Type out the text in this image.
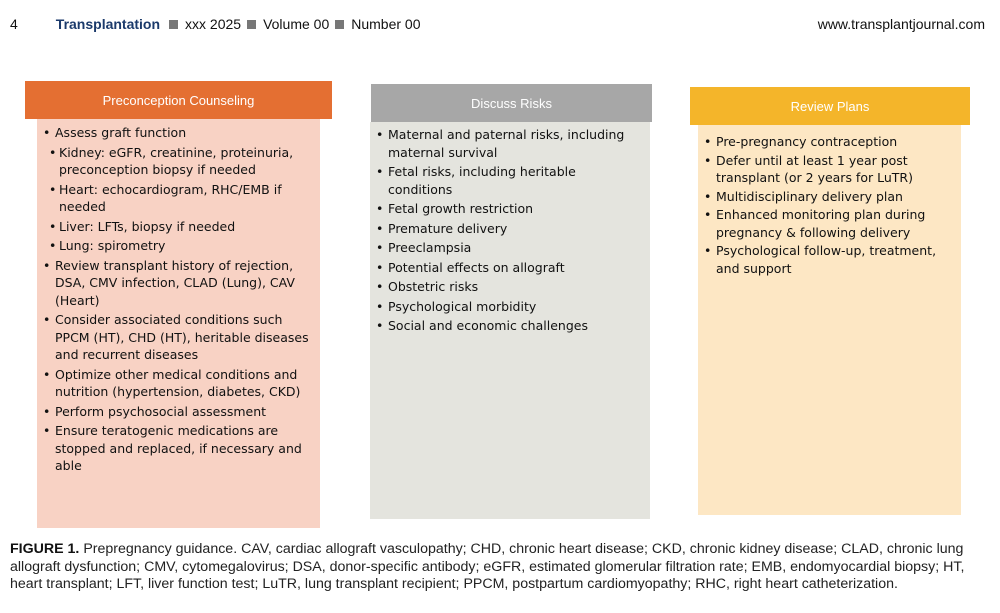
4	Transplantation xxx 2025 Volume 00 Number 00	www.transplantjournal.com
Preconception Counseling
• Assess graft function
• Kidney: eGFR, creatinine, proteinuria, preconception biopsy if needed
• Heart: echocardiogram, RHC/EMB if needed
• Liver: LFTs, biopsy if needed
• Lung: spirometry
• Review transplant history of rejection, DSA, CMV infection, CLAD (Lung), CAV (Heart)
• Consider associated conditions such PPCM (HT), CHD (HT), heritable diseases and recurrent diseases
• Optimize other medical conditions and nutrition (hypertension, diabetes, CKD)
• Perform psychosocial assessment
• Ensure teratogenic medications are stopped and replaced, if necessary and able
Discuss Risks
• Maternal and paternal risks, including maternal survival
• Fetal risks, including heritable conditions
• Fetal growth restriction
• Premature delivery
• Preeclampsia
• Potential effects on allograft
• Obstetric risks
• Psychological morbidity
• Social and economic challenges
Review Plans
• Pre-pregnancy contraception
• Defer until at least 1 year post transplant (or 2 years for LuTR)
• Multidisciplinary delivery plan
• Enhanced monitoring plan during pregnancy & following delivery
• Psychological follow-up, treatment, and support
FIGURE 1. Prepregnancy guidance. CAV, cardiac allograft vasculopathy; CHD, chronic heart disease; CKD, chronic kidney disease; CLAD, chronic lung allograft dysfunction; CMV, cytomegalovirus; DSA, donor-specific antibody; eGFR, estimated glomerular filtration rate; EMB, endomyocardial biopsy; HT, heart transplant; LFT, liver function test; LuTR, lung transplant recipient; PPCM, postpartum cardiomyopathy; RHC, right heart catheterization.
